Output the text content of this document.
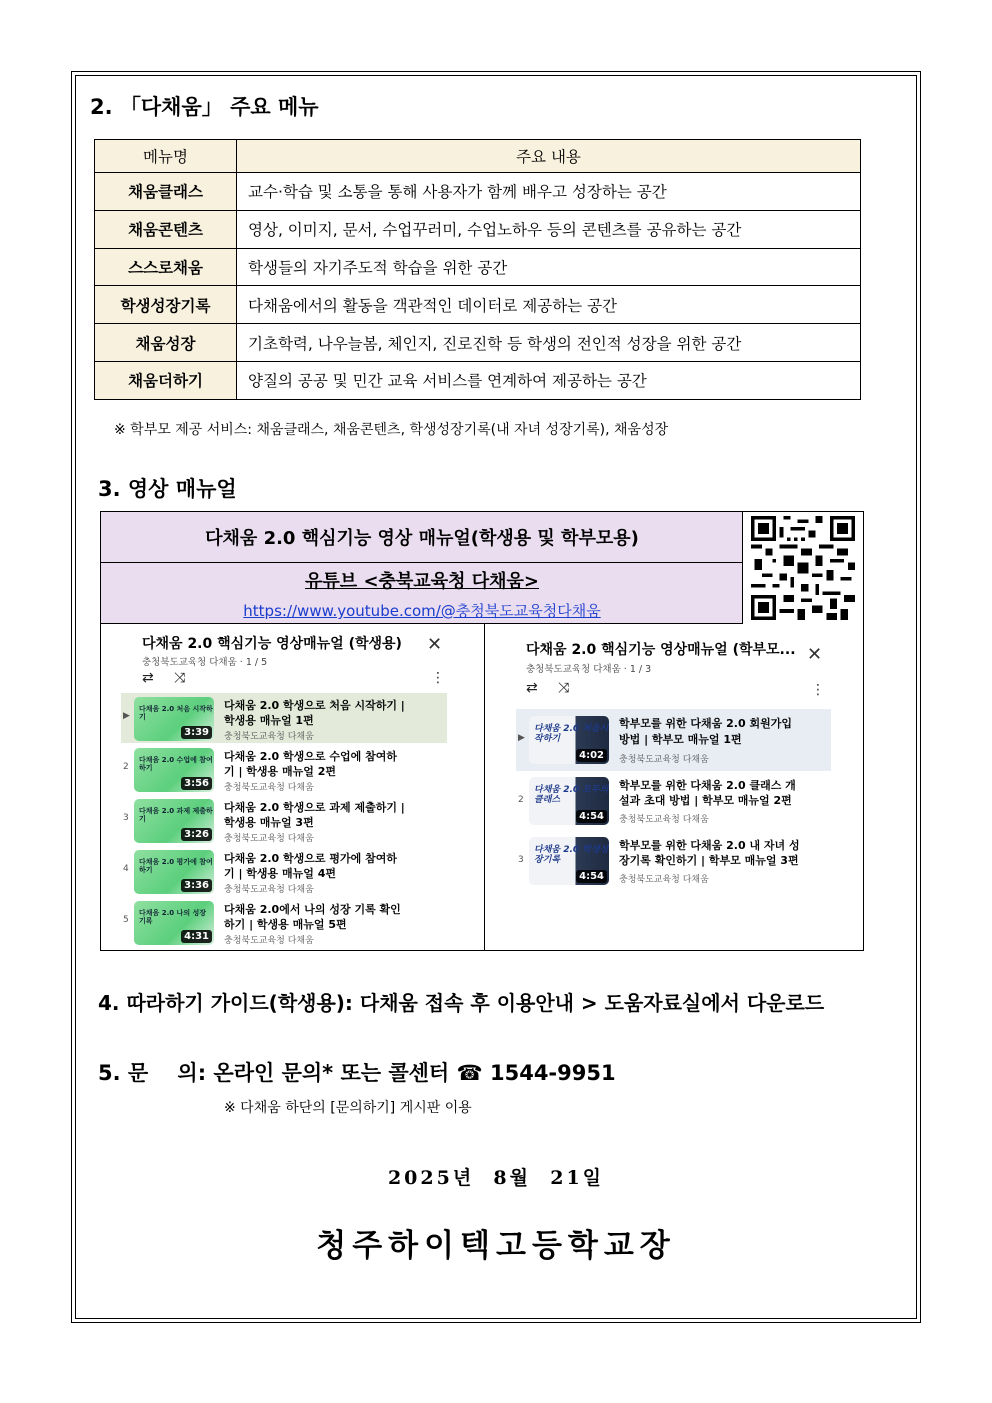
2. 「다채움」 주요 메뉴
메뉴명	주요 내용
채움클래스	교수·학습 및 소통을 통해 사용자가 함께 배우고 성장하는 공간
채움콘텐츠	영상, 이미지, 문서, 수업꾸러미, 수업노하우 등의 콘텐츠를 공유하는 공간
스스로채움	학생들의 자기주도적 학습을 위한 공간
학생성장기록	다채움에서의 활동을 객관적인 데이터로 제공하는 공간
채움성장	기초학력, 나우늘봄, 체인지, 진로진학 등 학생의 전인적 성장을 위한 공간
채움더하기	양질의 공공 및 민간 교육 서비스를 연계하여 제공하는 공간
※ 학부모 제공 서비스: 채움클래스, 채움콘텐츠, 학생성장기록(내 자녀 성장기록), 채움성장
3. 영상 매뉴얼
다채움 2.0 핵심기능 영상 매뉴얼(학생용 및 학부모용)
유튜브 <충북교육청 다채움>
https://www.youtube.com/@충청북도교육청다채움
다채움 2.0 핵심기능 영상매뉴얼 (학생용)
충청북도교육청 다채움 · 1 / 5
✕
⇄ ⤨	⋮
▶
다채움 2.0 처음 시작하기
3:39
다채움 2.0 학생으로 처음 시작하기 |
학생용 매뉴얼 1편
충청북도교육청 다채움
2
다채움 2.0 수업에 참여하기
3:56
다채움 2.0 학생으로 수업에 참여하
기 | 학생용 매뉴얼 2편
충청북도교육청 다채움
3
다채움 2.0 과제 제출하기
3:26
다채움 2.0 학생으로 과제 제출하기 |
학생용 매뉴얼 3편
충청북도교육청 다채움
4
다채움 2.0 평가에 참여하기
3:36
다채움 2.0 학생으로 평가에 참여하
기 | 학생용 매뉴얼 4편
충청북도교육청 다채움
5
다채움 2.0 나의 성장 기록
4:31
다채움 2.0에서 나의 성장 기록 확인
하기 | 학생용 매뉴얼 5편
충청북도교육청 다채움
다채움 2.0 핵심기능 영상매뉴얼 (학부모...
충청북도교육청 다채움 · 1 / 3
✕
⇄ ⤨	⋮
▶
다채움 2.0 처음시작하기
4:02
학부모를 위한 다채움 2.0 회원가입
방법 | 학부모 매뉴얼 1편
충청북도교육청 다채움
2
다채움 2.0 모두의 클래스
4:54
학부모를 위한 다채움 2.0 클래스 개
설과 초대 방법 | 학부모 매뉴얼 2편
충청북도교육청 다채움
3
다채움 2.0 학생성장기록
4:54
학부모를 위한 다채움 2.0 내 자녀 성
장기록 확인하기 | 학부모 매뉴얼 3편
충청북도교육청 다채움
4. 따라하기 가이드(학생용): 다채움 접속 후 이용안내 > 도움자료실에서 다운로드
5. 문    의: 온라인 문의* 또는 콜센터 ☎ 1544-9951
※ 다채움 하단의 [문의하기] 게시판 이용
2025년  8월  21일
청주하이텍고등학교장
